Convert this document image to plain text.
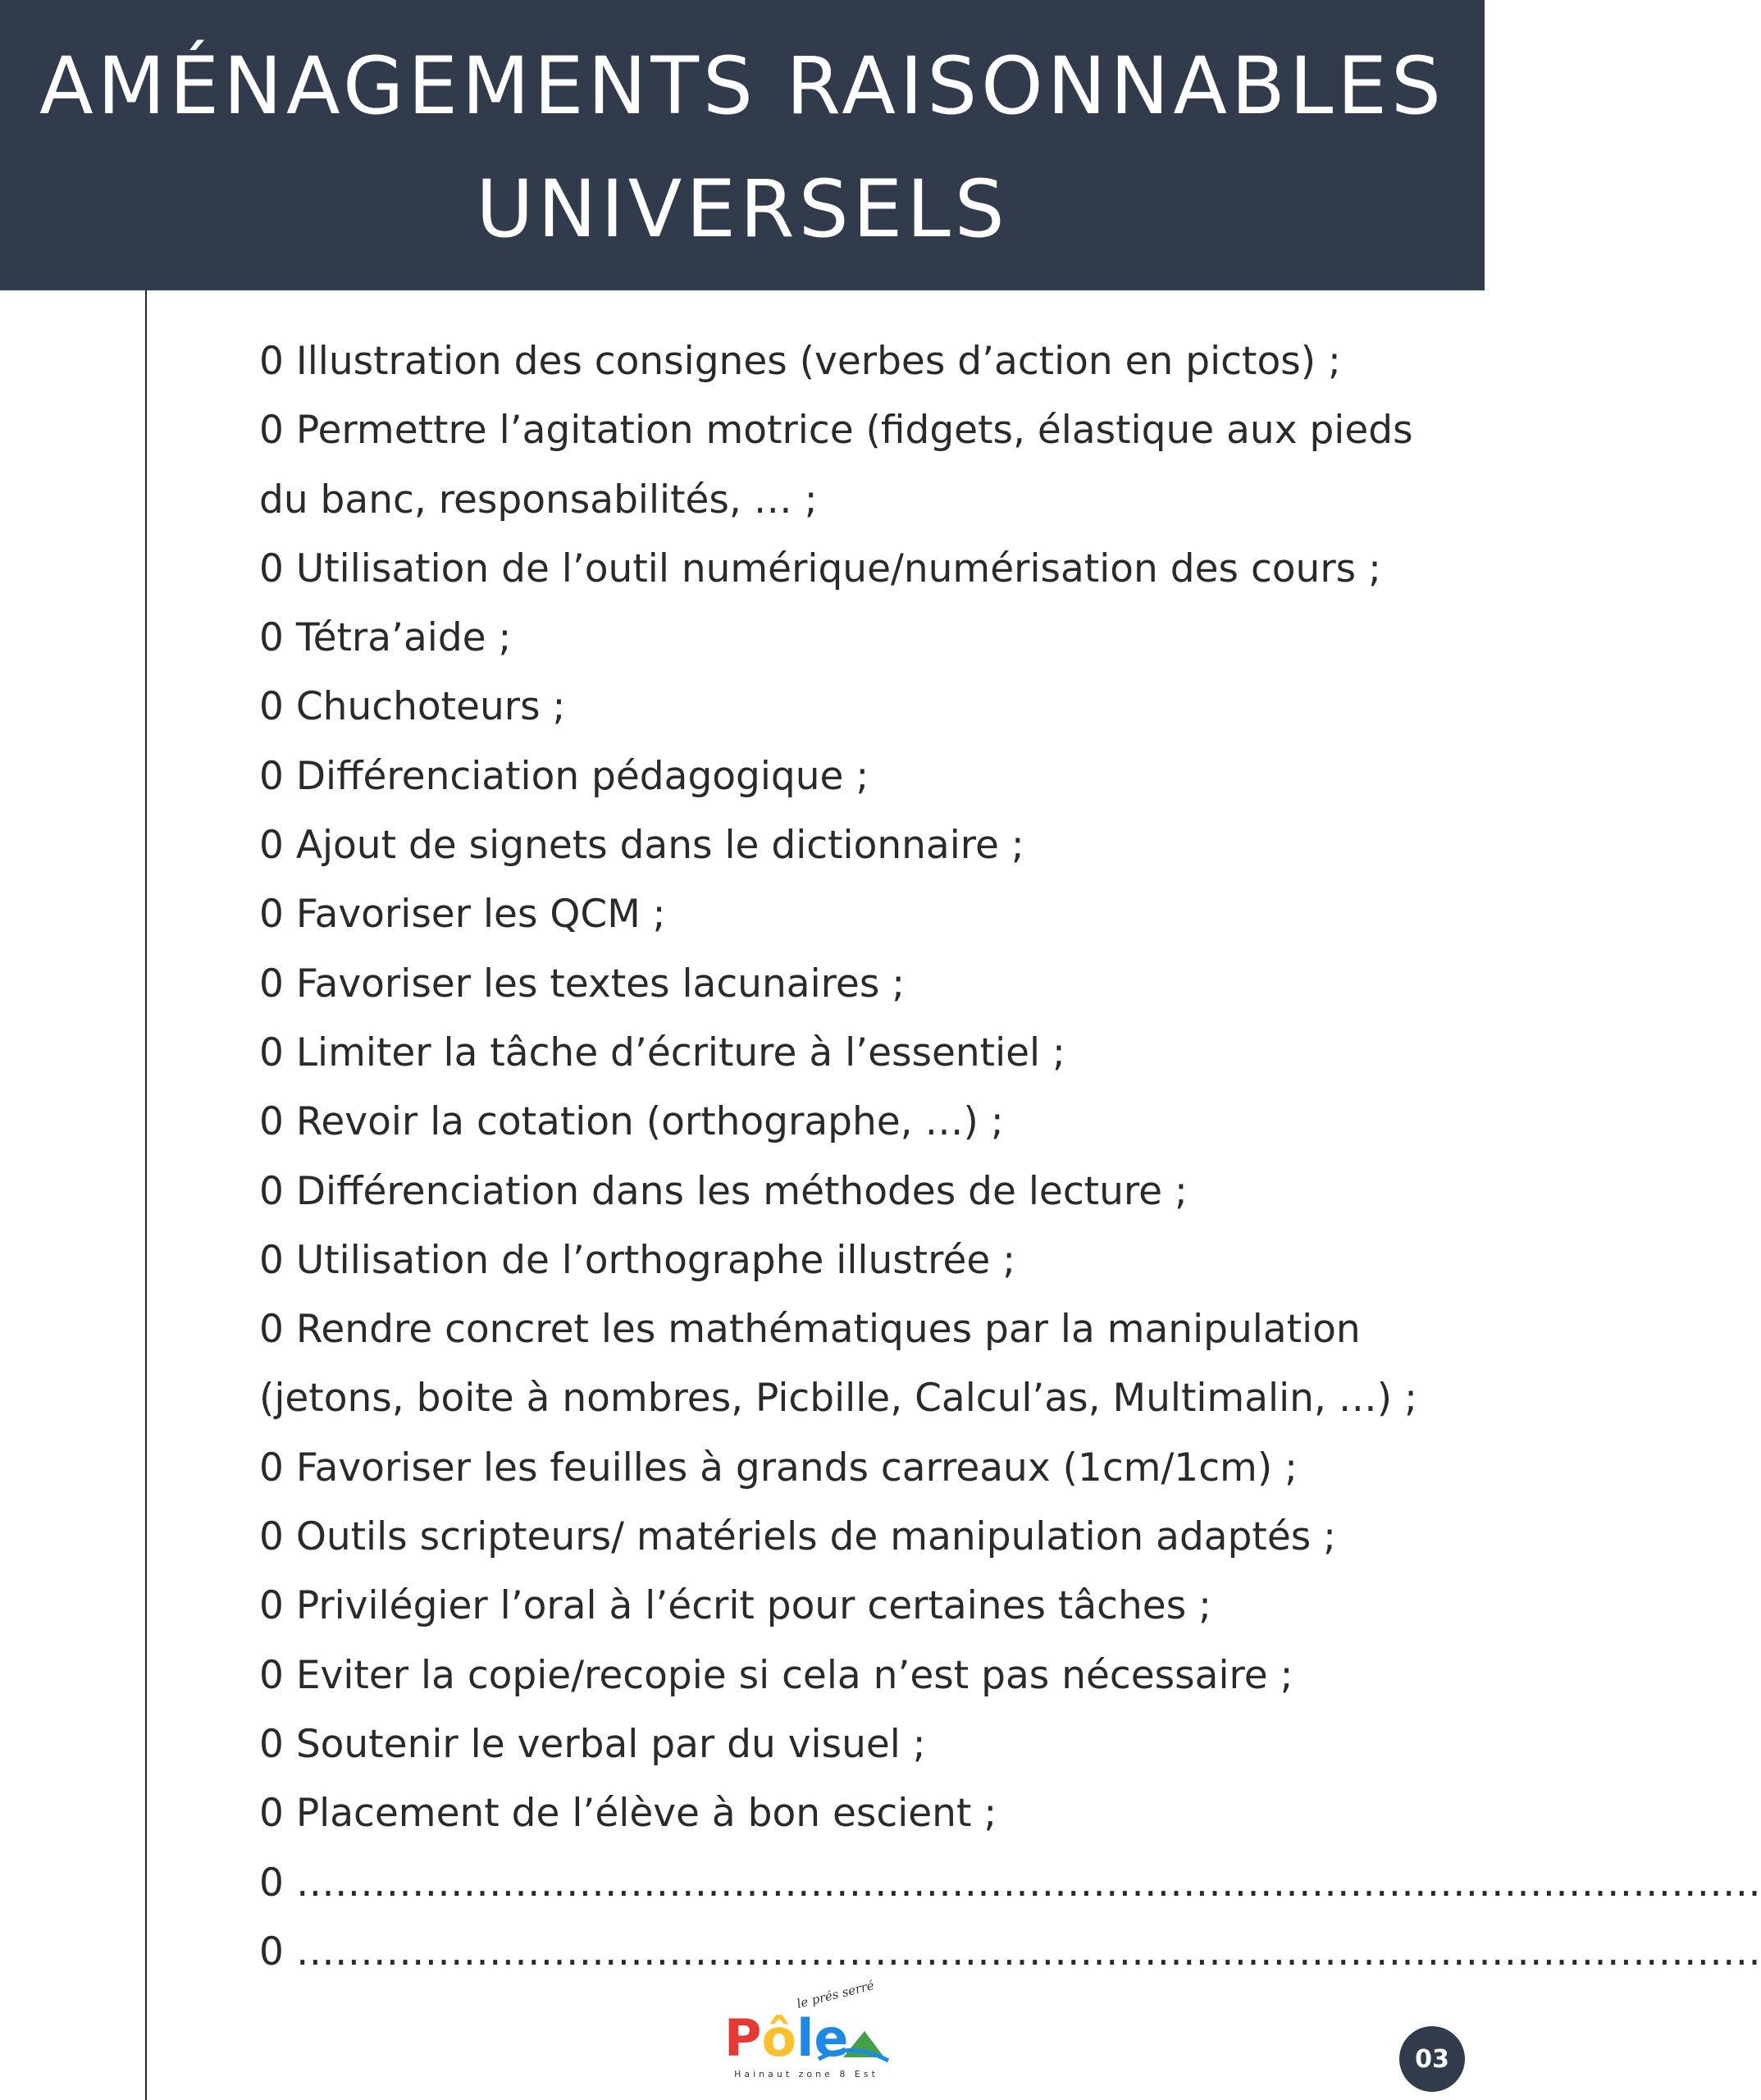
AMÉNAGEMENTS RAISONNABLES
UNIVERSELS
0 Illustration des consignes (verbes d’action en pictos) ;
0 Permettre l’agitation motrice (fidgets, élastique aux pieds
du banc, responsabilités, … ;
0 Utilisation de l’outil numérique/numérisation des cours ;
0 Tétra’aide ;
0 Chuchoteurs ;
0 Différenciation pédagogique ;
0 Ajout de signets dans le dictionnaire ;
0 Favoriser les QCM ;
0 Favoriser les textes lacunaires ;
0 Limiter la tâche d’écriture à l’essentiel ;
0 Revoir la cotation (orthographe, …) ;
0 Différenciation dans les méthodes de lecture ;
0 Utilisation de l’orthographe illustrée ;
0 Rendre concret les mathématiques par la manipulation
(jetons, boite à nombres, Picbille, Calcul’as, Multimalin, …) ;
0 Favoriser les feuilles à grands carreaux (1cm/1cm) ;
0 Outils scripteurs/ matériels de manipulation adaptés ;
0 Privilégier l’oral à l’écrit pour certaines tâches ;
0 Eviter la copie/recopie si cela n’est pas nécessaire ;
0 Soutenir le verbal par du visuel ;
0 Placement de l’élève à bon escient ;
0 ……………………………………………………………………………………………………
0 ……………………………………………………………………………………………………
le prés serré
Pôle
Hainaut zone 8 Est
03
